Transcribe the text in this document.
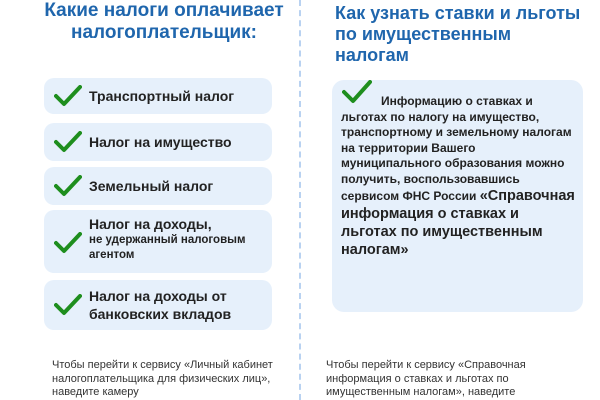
Какие налоги оплачивает налогоплательщик:
Транспортный налог
Налог на имущество
Земельный налог
Налог на доходы,
не удержанный налоговым агентом
Налог на доходы от банковских вкладов

Чтобы перейти к сервису «Личный кабинет налогоплательщика для физических лиц», наведите камеру

Как узнать ставки и льготы по имущественным налогам

Информацию о ставках и льготах по налогу на имущество, транспортному и земельному налогам на территории Вашего муниципального образования можно получить, воспользовавшись сервисом ФНС России «Справочная информация о ставках и льготах по имущественным налогам»

Чтобы перейти к сервису «Справочная информация о ставках и льготах по имущественным налогам», наведите
